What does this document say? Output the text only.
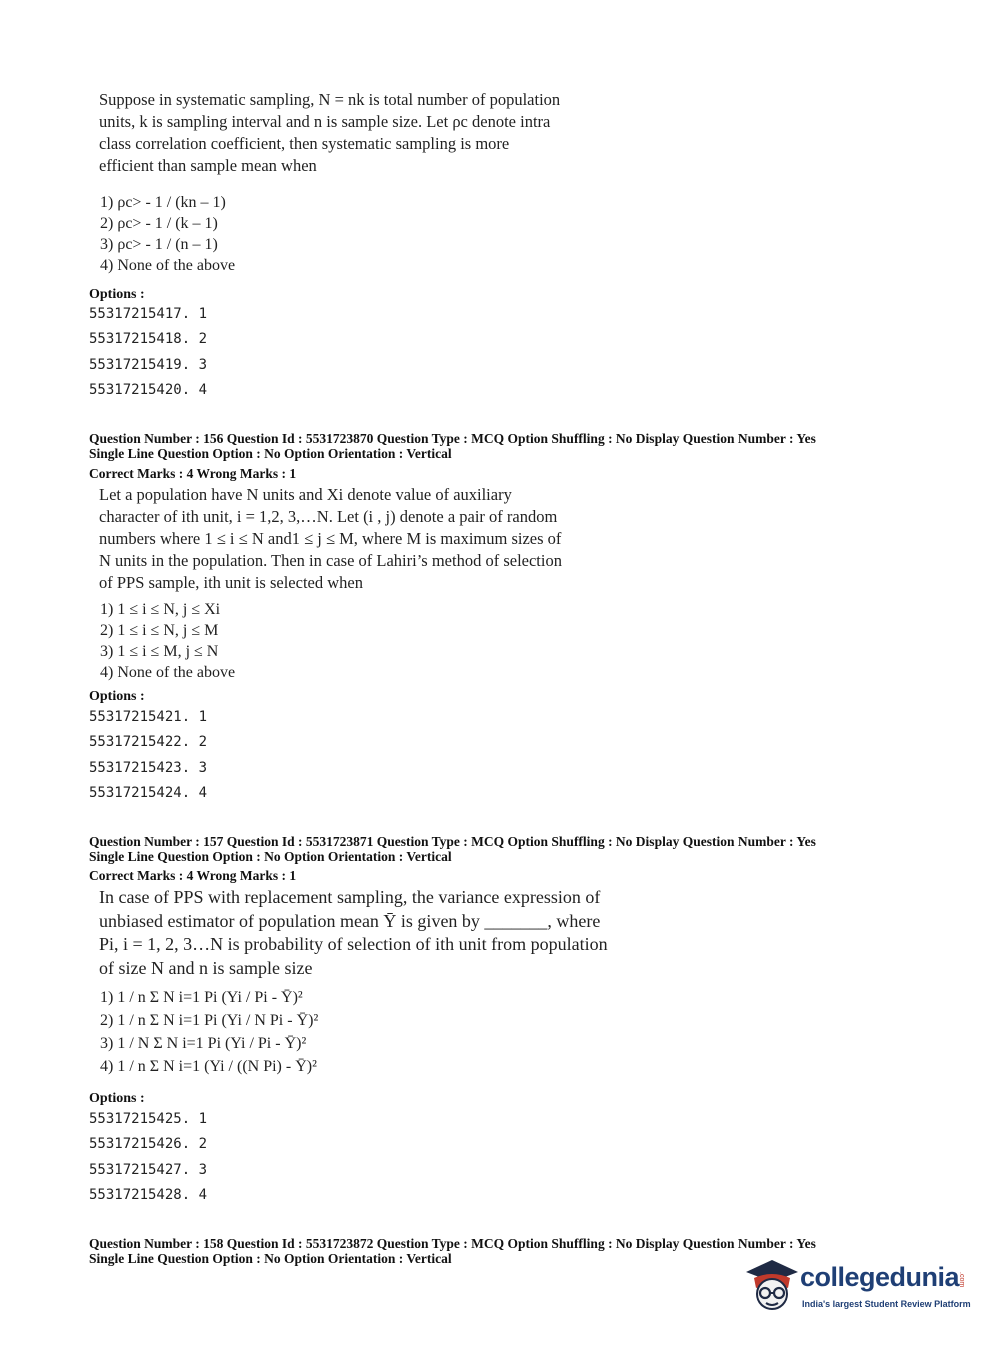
Suppose in systematic sampling, N = nk is total number of population

units, k is sampling interval and n is sample size. Let ρc denote intra

class correlation coefficient, then systematic sampling is more

efficient than sample mean when

1) ρc> - 1 / (kn – 1)
2) ρc> - 1 / (k – 1)
3) ρc> - 1 / (n – 1)
4) None of the above
Options :
55317215417. 1
55317215418. 2
55317215419. 3
55317215420. 4
Question Number : 156 Question Id : 5531723870 Question Type : MCQ Option Shuffling : No Display Question Number : Yes
Single Line Question Option : No Option Orientation : Vertical
Correct Marks : 4 Wrong Marks : 1

Let a population have N units and Xi denote value of auxiliary

character of ith unit, i = 1,2, 3,…N. Let (i , j) denote a pair of random

numbers where 1 ≤ i ≤ N and1 ≤ j ≤ M, where M is maximum sizes of

N units in the population. Then in case of Lahiri’s method of selection

of PPS sample, ith unit is selected when

1) 1 ≤ i ≤ N, j ≤ Xi
2) 1 ≤ i ≤ N, j ≤ M
3) 1 ≤ i ≤ M, j ≤ N
4) None of the above
Options :
55317215421. 1
55317215422. 2
55317215423. 3
55317215424. 4
Question Number : 157 Question Id : 5531723871 Question Type : MCQ Option Shuffling : No Display Question Number : Yes
Single Line Question Option : No Option Orientation : Vertical
Correct Marks : 4 Wrong Marks : 1

In case of PPS with replacement sampling, the variance expression of

unbiased estimator of population mean Ȳ is given by _______, where

Pi, i = 1, 2, 3…N is probability of selection of ith unit from population

of size N and n is sample size

1) 1 / n Σ N i=1 Pi (Yi / Pi - Ȳ)²
2) 1 / n Σ N i=1 Pi (Yi / N Pi - Ȳ)²
3) 1 / N Σ N i=1 Pi (Yi / Pi - Ȳ)²
4) 1 / n Σ N i=1 (Yi / ((N Pi) - Ȳ)²
Options :
55317215425. 1
55317215426. 2
55317215427. 3
55317215428. 4
Question Number : 158 Question Id : 5531723872 Question Type : MCQ Option Shuffling : No Display Question Number : Yes
Single Line Question Option : No Option Orientation : Vertical
collegedunia
.com
India's largest Student Review Platform
